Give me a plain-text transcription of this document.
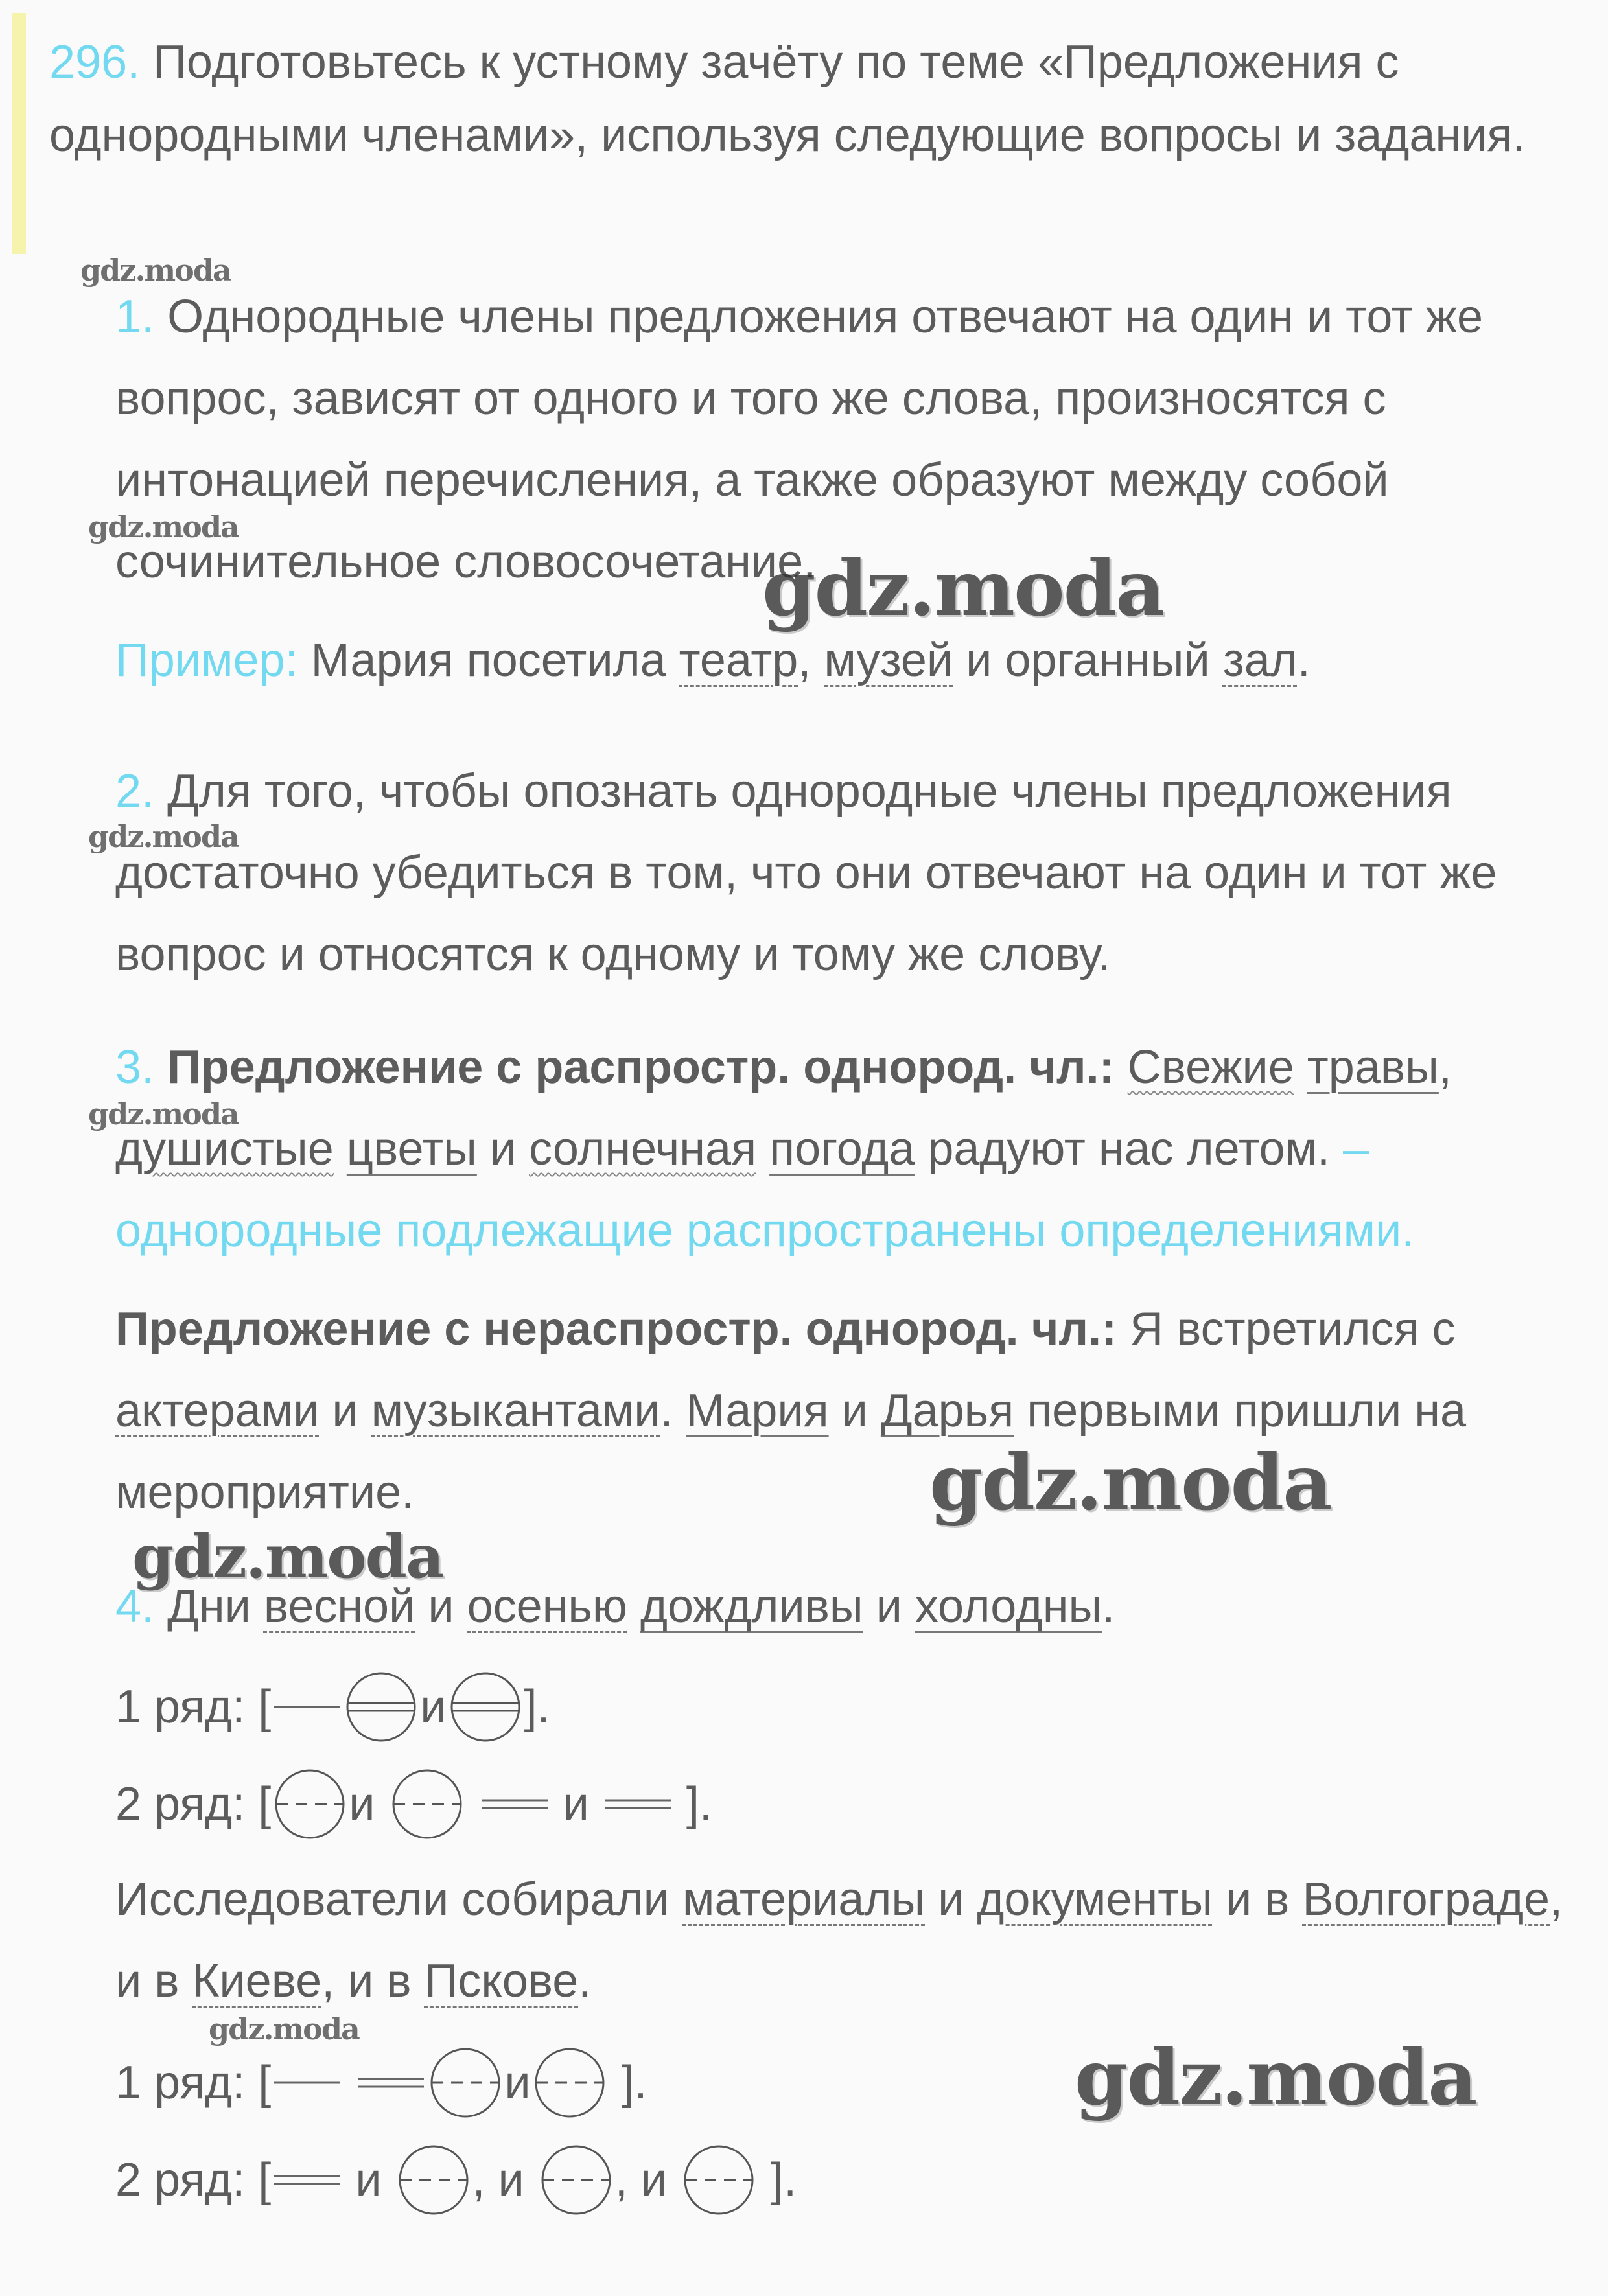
296. Подготовьтесь к устному зачёту по теме «Предложения с однородными членами», используя следующие вопросы и задания.

1. Однородные члены предложения отвечают на один и тот же вопрос, зависят от одного и того же слова, произносятся с интонацией перечисления, а также образуют между собой сочинительное словосочетание.

Пример: Мария посетила театр, музей и органный зал.

2. Для того, чтобы опознать однородные члены предложения достаточно убедиться в том, что они отвечают на один и тот же вопрос и относятся к одному и тому же слову.

3. Предложение с распростр. однород. чл.: Свежие травы, душистые цветы и солнечная погода радуют нас летом. – однородные подлежащие распространены определениями.

Предложение с нераспростр. однород. чл.: Я встретился с актерами и музыкантами. Мария и Дарья первыми пришли на мероприятие.

4. Дни весной и осенью дождливы и холодны.

1 ряд: [	и ].
2 ряд: [ и	и ].

Исследователи собирали материалы и документы и в Волгограде, и в Киеве, и в Пскове.

1 ряд: [	и ].
2 ряд: [ и , и , и ].
gdz.moda
gdz.moda
gdz.moda
gdz.moda
gdz.moda
gdz.moda
gdz.moda
gdz.moda
gdz.moda
